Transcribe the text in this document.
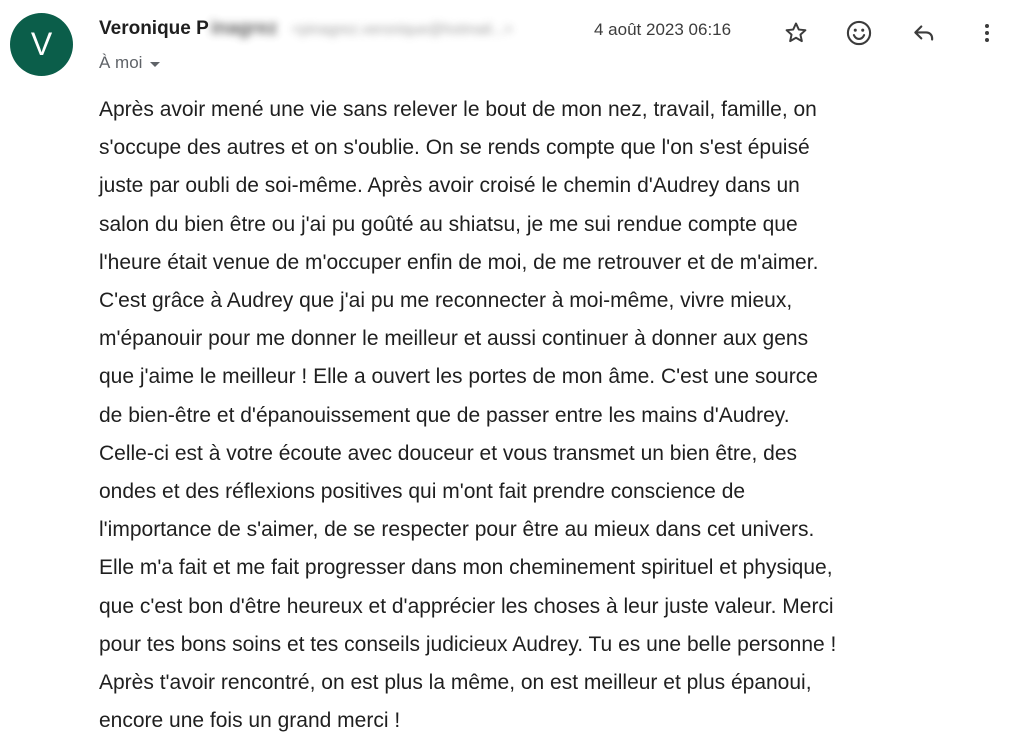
V Veronique P inagrez <pinagrez.veronique@hotmail...>	4 août 2023 06:16
À moi
Après avoir mené une vie sans relever le bout de mon nez, travail, famille, on
s'occupe des autres et on s'oublie. On se rends compte que l'on s'est épuisé
juste par oubli de soi-même. Après avoir croisé le chemin d'Audrey dans un
salon du bien être ou j'ai pu goûté au shiatsu, je me sui rendue compte que
l'heure était venue de m'occuper enfin de moi, de me retrouver et de m'aimer.
C'est grâce à Audrey que j'ai pu me reconnecter à moi-même, vivre mieux,
m'épanouir pour me donner le meilleur et aussi continuer à donner aux gens
que j'aime le meilleur ! Elle a ouvert les portes de mon âme. C'est une source
de bien-être et d'épanouissement que de passer entre les mains d'Audrey.
Celle-ci est à votre écoute avec douceur et vous transmet un bien être, des
ondes et des réflexions positives qui m'ont fait prendre conscience de
l'importance de s'aimer, de se respecter pour être au mieux dans cet univers.
Elle m'a fait et me fait progresser dans mon cheminement spirituel et physique,
que c'est bon d'être heureux et d'apprécier les choses à leur juste valeur. Merci
pour tes bons soins et tes conseils judicieux Audrey. Tu es une belle personne !
Après t'avoir rencontré, on est plus la même, on est meilleur et plus épanoui,
encore une fois un grand merci !
